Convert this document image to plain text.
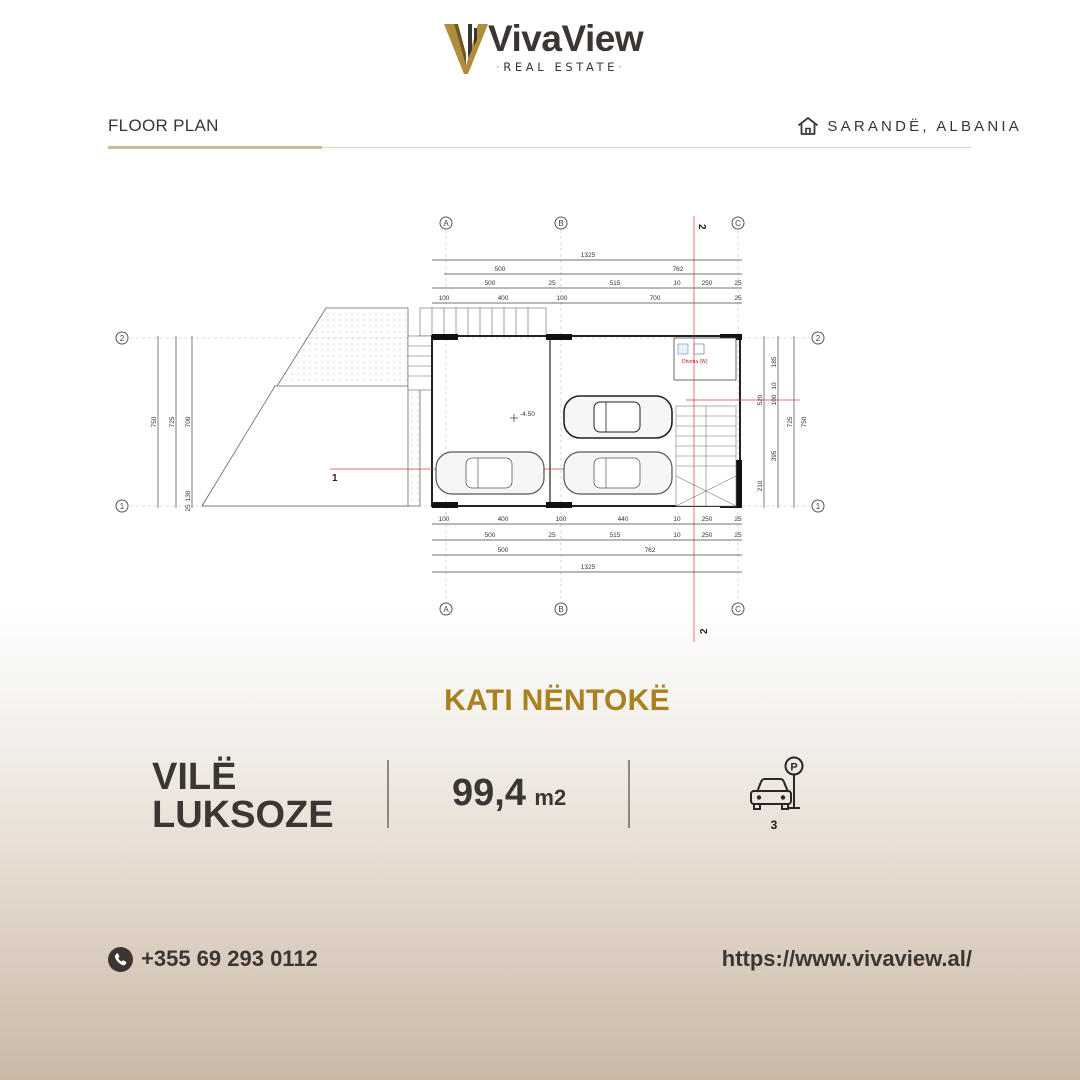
VivaView
·REAL ESTATE·
FLOOR PLAN	SARANDË, ALBANIA
A	B	C
A	B	C
2
1
2
1
1325
500	762
500	25	515	10	250	25
100	400	100	700	25
100	400	100	440	10	250	25
500	25	515	10	250	25
500	762
1325
750 725 700
130
25
185
10
100
520
395
210
725 750
Dhoma (W)
1
2
2
-4.50
KATI NËNTOKË
VILË
LUKSOZE
99,4 m2
P
3
+355 69 293 0112	https://www.vivaview.al/
